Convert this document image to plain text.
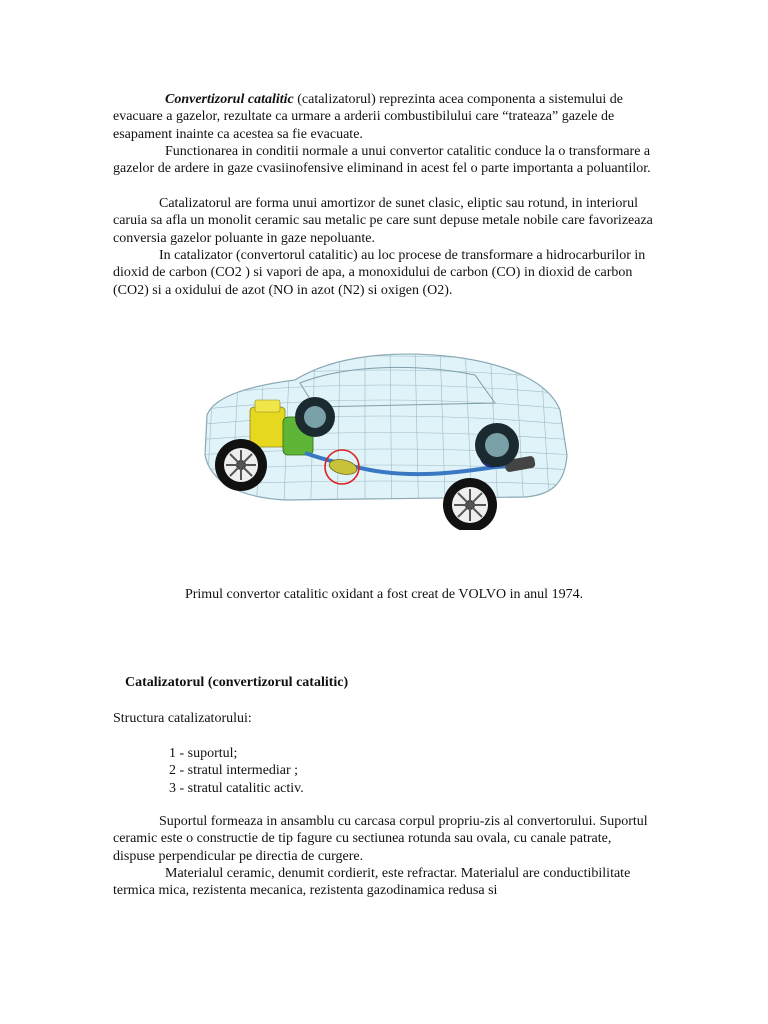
Convertizorul catalitic (catalizatorul) reprezinta acea componenta a sistemului de evacuare a gazelor, rezultate ca urmare a arderii combustibilului care “trateaza” gazele de esapament inainte ca acestea sa fie evacuate.

Functionarea in conditii normale a unui convertor catalitic conduce la o transformare a gazelor de ardere in gaze cvasiinofensive eliminand in acest fel o parte importanta a poluantilor.

Catalizatorul are forma unui amortizor de sunet clasic, eliptic sau rotund, in interiorul caruia sa afla un monolit ceramic sau metalic pe care sunt depuse metale nobile care favorizeaza conversia gazelor poluante in gaze nepoluante.

In catalizator (convertorul catalitic) au loc procese de transformare a hidrocarburilor in dioxid de carbon (CO2 ) si vapori de apa, a monoxidului de carbon (CO) in dioxid de carbon (CO2) si a oxidului de azot (NO in azot (N2) si oxigen (O2).

Primul convertor catalitic oxidant a fost creat de VOLVO in anul 1974.
Catalizatorul (convertizorul catalitic)
Structura catalizatorului:
1 - suportul;
2 - stratul intermediar ;
3 - stratul catalitic activ.

Suportul formeaza in ansamblu cu carcasa corpul propriu-zis al convertorului. Suportul ceramic este o constructie de tip fagure cu sectiunea rotunda sau ovala, cu canale patrate, dispuse perpendicular pe directia de curgere.

Materialul ceramic, denumit cordierit, este refractar. Materialul are conductibilitate termica mica, rezistenta mecanica, rezistenta gazodinamica redusa si
